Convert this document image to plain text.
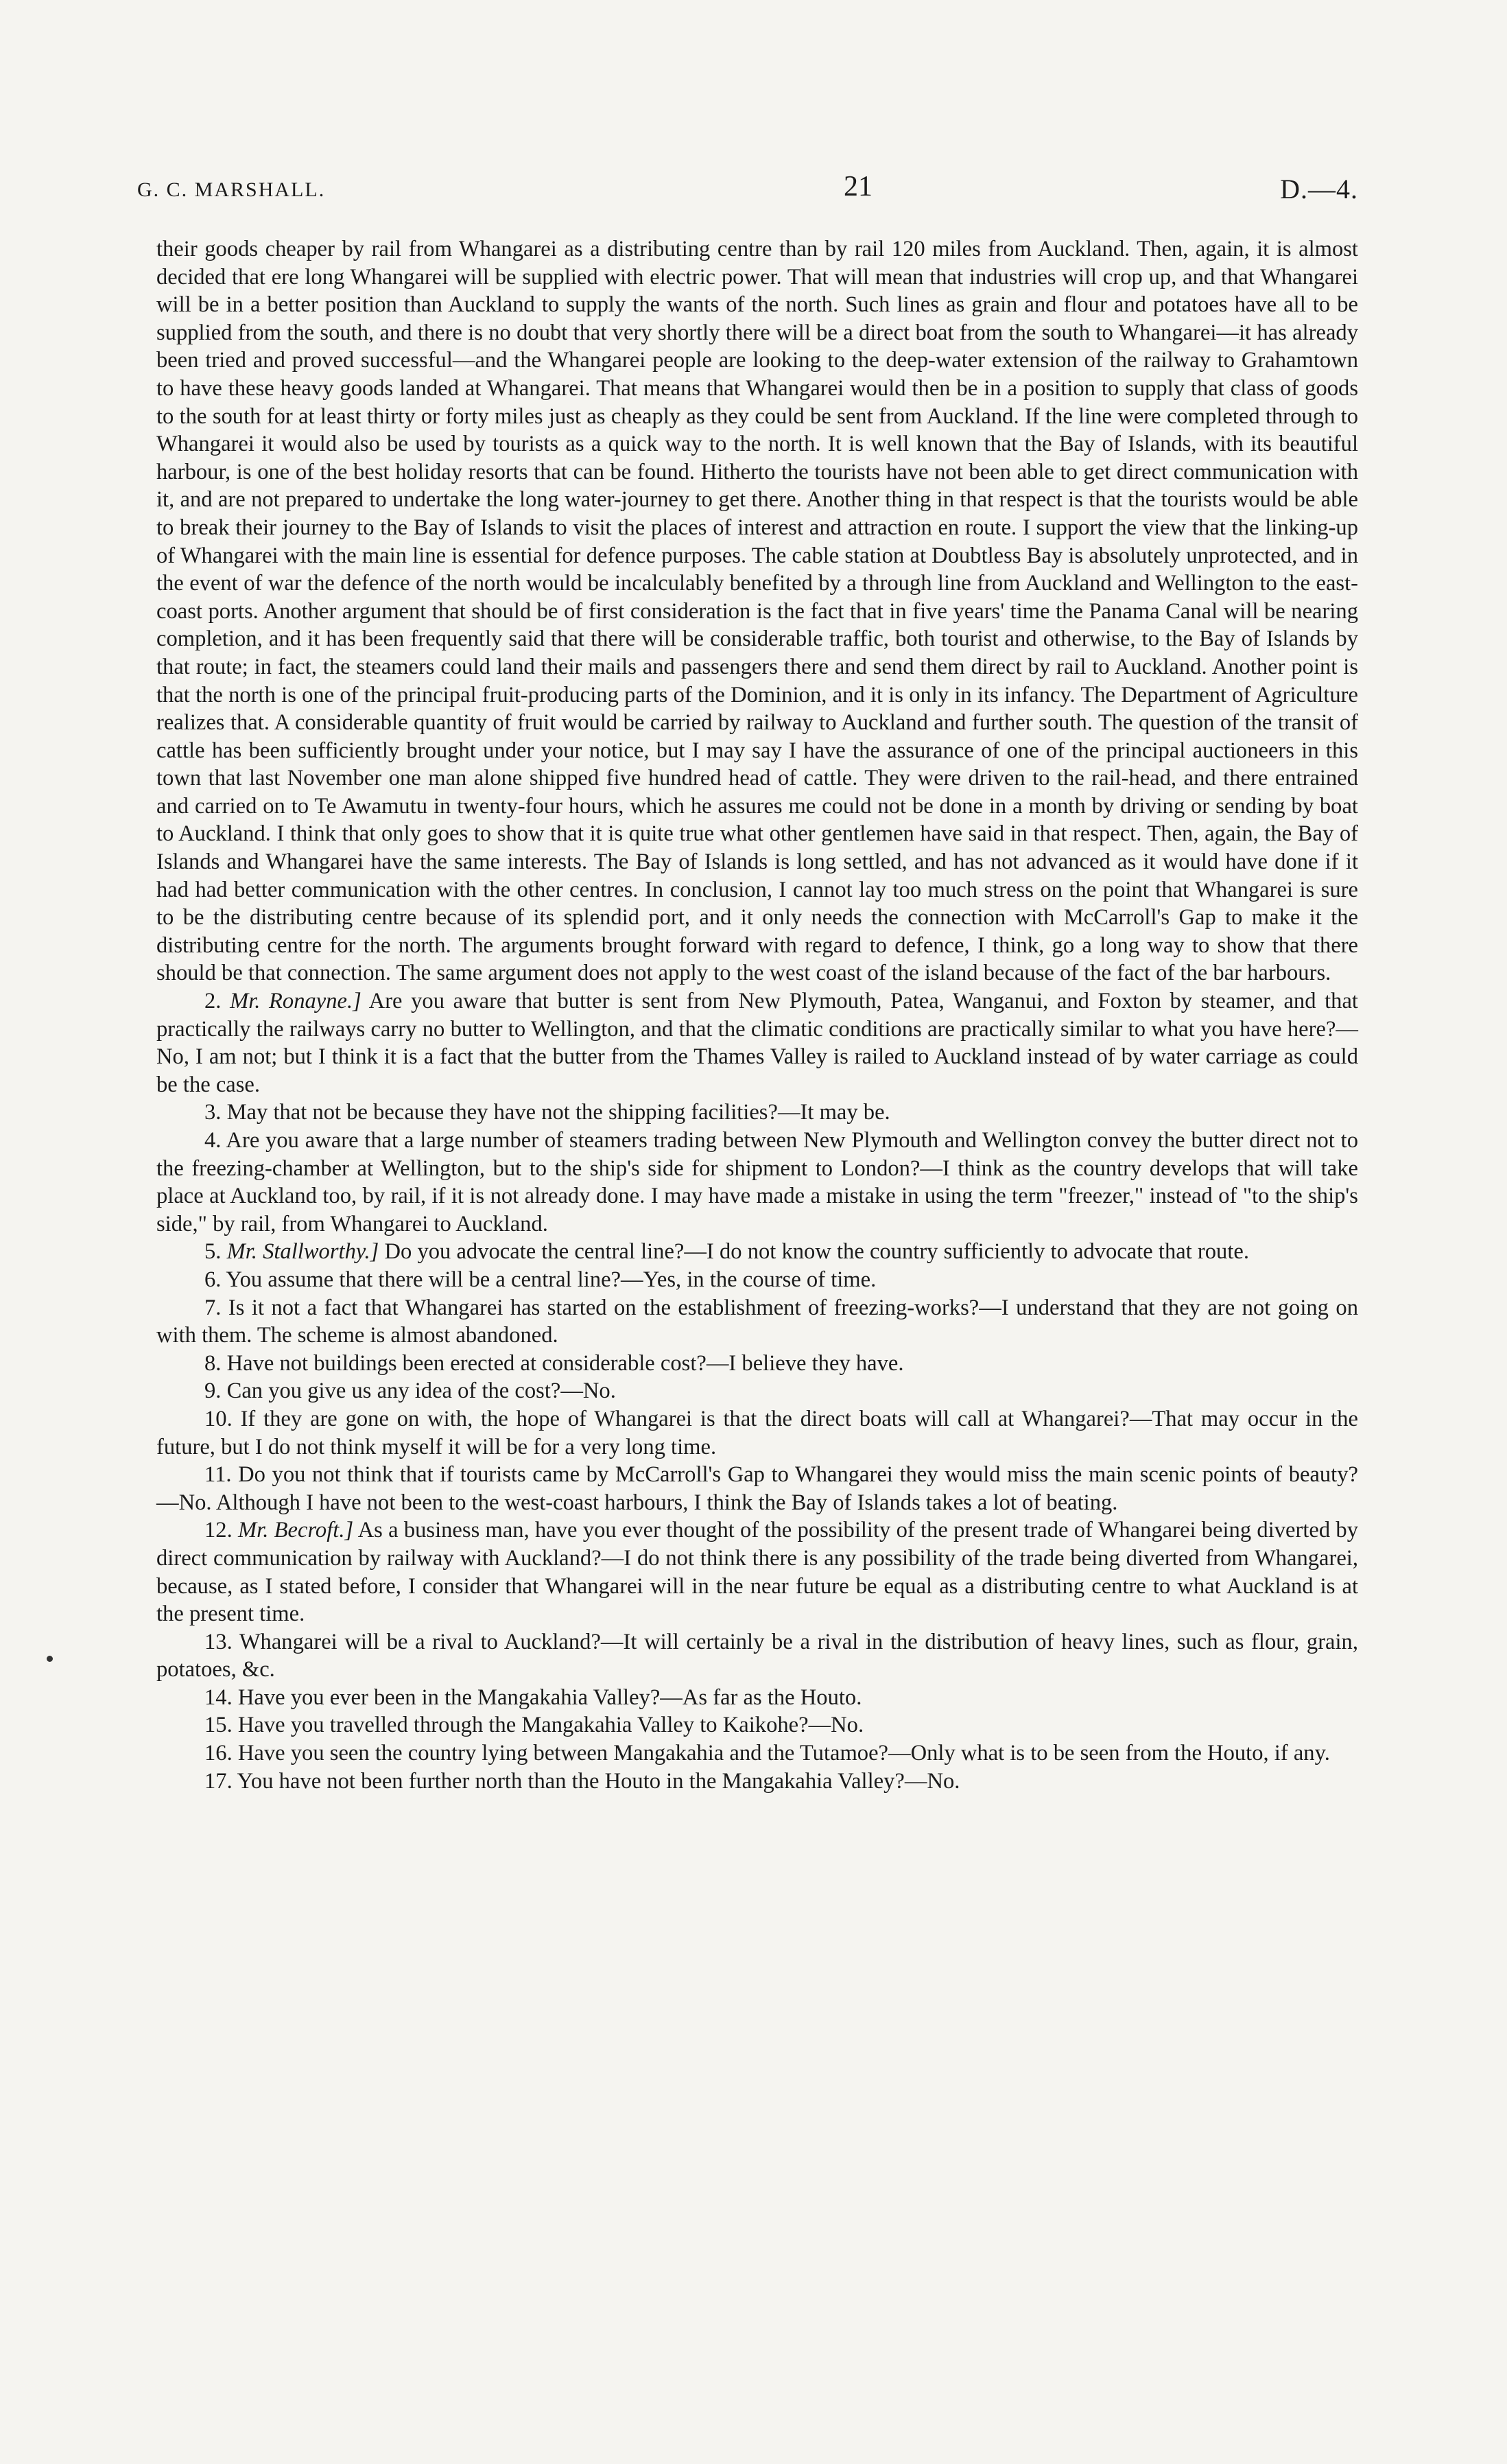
G. C. MARSHALL.	21	D.—4.

their goods cheaper by rail from Whangarei as a distributing centre than by rail 120 miles from Auckland. Then, again, it is almost decided that ere long Whangarei will be supplied with electric power. That will mean that industries will crop up, and that Whangarei will be in a better position than Auckland to supply the wants of the north. Such lines as grain and flour and potatoes have all to be supplied from the south, and there is no doubt that very shortly there will be a direct boat from the south to Whangarei—it has already been tried and proved successful—and the Whangarei people are looking to the deep-water extension of the railway to Grahamtown to have these heavy goods landed at Whangarei. That means that Whangarei would then be in a position to supply that class of goods to the south for at least thirty or forty miles just as cheaply as they could be sent from Auckland. If the line were completed through to Whangarei it would also be used by tourists as a quick way to the north. It is well known that the Bay of Islands, with its beautiful harbour, is one of the best holiday resorts that can be found. Hitherto the tourists have not been able to get direct communication with it, and are not prepared to undertake the long water-journey to get there. Another thing in that respect is that the tourists would be able to break their journey to the Bay of Islands to visit the places of interest and attraction en route. I support the view that the linking-up of Whangarei with the main line is essential for defence purposes. The cable station at Doubtless Bay is absolutely unprotected, and in the event of war the defence of the north would be incalculably benefited by a through line from Auckland and Wellington to the east-coast ports. Another argument that should be of first consideration is the fact that in five years' time the Panama Canal will be nearing completion, and it has been frequently said that there will be considerable traffic, both tourist and otherwise, to the Bay of Islands by that route; in fact, the steamers could land their mails and passengers there and send them direct by rail to Auckland. Another point is that the north is one of the principal fruit-producing parts of the Dominion, and it is only in its infancy. The Department of Agriculture realizes that. A considerable quantity of fruit would be carried by railway to Auckland and further south. The question of the transit of cattle has been sufficiently brought under your notice, but I may say I have the assurance of one of the principal auctioneers in this town that last November one man alone shipped five hundred head of cattle. They were driven to the rail-head, and there entrained and carried on to Te Awamutu in twenty-four hours, which he assures me could not be done in a month by driving or sending by boat to Auckland. I think that only goes to show that it is quite true what other gentlemen have said in that respect. Then, again, the Bay of Islands and Whangarei have the same interests. The Bay of Islands is long settled, and has not advanced as it would have done if it had had better communication with the other centres. In conclusion, I cannot lay too much stress on the point that Whangarei is sure to be the distributing centre because of its splendid port, and it only needs the connection with McCarroll's Gap to make it the distributing centre for the north. The arguments brought forward with regard to defence, I think, go a long way to show that there should be that connection. The same argument does not apply to the west coast of the island because of the fact of the bar harbours.

2. Mr. Ronayne.] Are you aware that butter is sent from New Plymouth, Patea, Wanganui, and Foxton by steamer, and that practically the railways carry no butter to Wellington, and that the climatic conditions are practically similar to what you have here?—No, I am not; but I think it is a fact that the butter from the Thames Valley is railed to Auckland instead of by water carriage as could be the case.

3. May that not be because they have not the shipping facilities?—It may be.

4. Are you aware that a large number of steamers trading between New Plymouth and Wellington convey the butter direct not to the freezing-chamber at Wellington, but to the ship's side for shipment to London?—I think as the country develops that will take place at Auckland too, by rail, if it is not already done. I may have made a mistake in using the term "freezer," instead of "to the ship's side," by rail, from Whangarei to Auckland.

5. Mr. Stallworthy.] Do you advocate the central line?—I do not know the country sufficiently to advocate that route.

6. You assume that there will be a central line?—Yes, in the course of time.

7. Is it not a fact that Whangarei has started on the establishment of freezing-works?—I understand that they are not going on with them. The scheme is almost abandoned.

8. Have not buildings been erected at considerable cost?—I believe they have.

9. Can you give us any idea of the cost?—No.

10. If they are gone on with, the hope of Whangarei is that the direct boats will call at Whangarei?—That may occur in the future, but I do not think myself it will be for a very long time.

11. Do you not think that if tourists came by McCarroll's Gap to Whangarei they would miss the main scenic points of beauty?—No. Although I have not been to the west-coast harbours, I think the Bay of Islands takes a lot of beating.

12. Mr. Becroft.] As a business man, have you ever thought of the possibility of the present trade of Whangarei being diverted by direct communication by railway with Auckland?—I do not think there is any possibility of the trade being diverted from Whangarei, because, as I stated before, I consider that Whangarei will in the near future be equal as a distributing centre to what Auckland is at the present time.

13. Whangarei will be a rival to Auckland?—It will certainly be a rival in the distribution of heavy lines, such as flour, grain, potatoes, &c.

14. Have you ever been in the Mangakahia Valley?—As far as the Houto.

15. Have you travelled through the Mangakahia Valley to Kaikohe?—No.

16. Have you seen the country lying between Mangakahia and the Tutamoe?—Only what is to be seen from the Houto, if any.

17. You have not been further north than the Houto in the Mangakahia Valley?—No.
